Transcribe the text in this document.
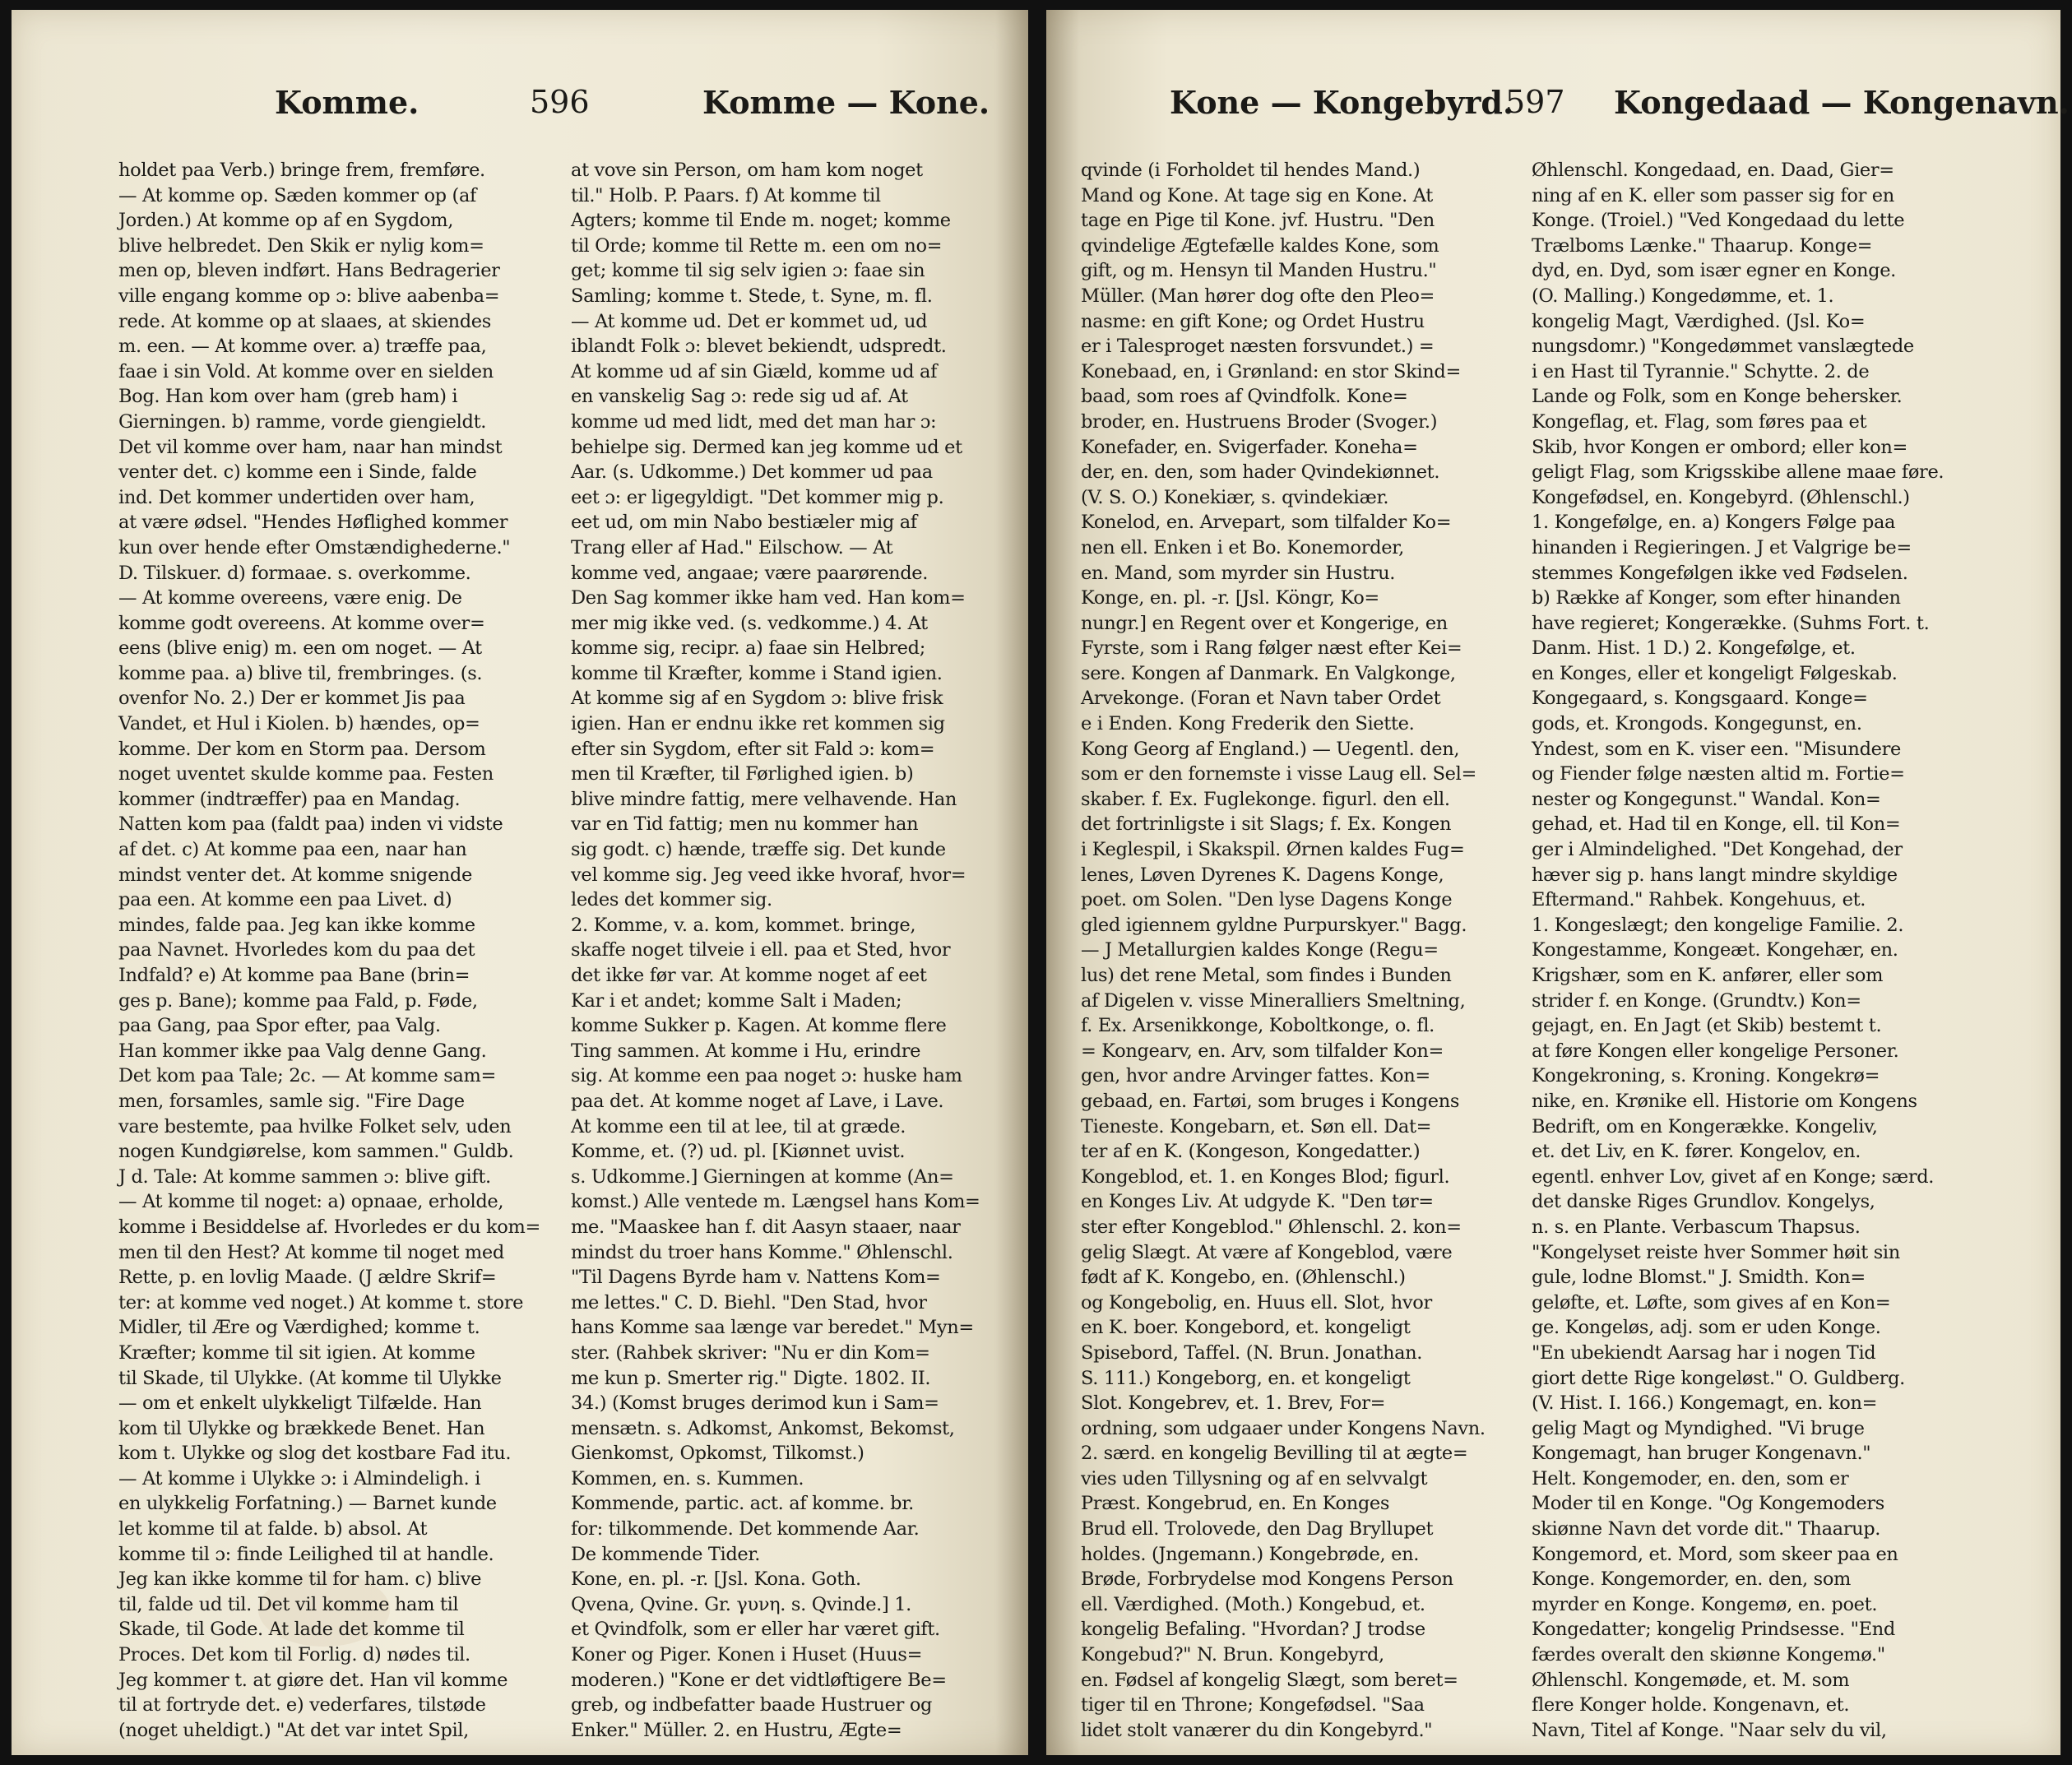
Komme.	596	Komme — Kone.
holdet paa Verb.) bringe frem, fremføre.
— At komme op. Sæden kommer op (af
Jorden.) At komme op af en Sygdom,
blive helbredet. Den Skik er nylig kom=
men op, bleven indført. Hans Bedragerier
ville engang komme op ɔ: blive aabenba=
rede. At komme op at slaaes, at skiendes
m. een. — At komme over. a) træffe paa,
faae i sin Vold. At komme over en sielden
Bog. Han kom over ham (greb ham) i
Gierningen. b) ramme, vorde giengieldt.
Det vil komme over ham, naar han mindst
venter det. c) komme een i Sinde, falde
ind. Det kommer undertiden over ham,
at være ødsel. "Hendes Høflighed kommer
kun over hende efter Omstændighederne."
D. Tilskuer. d) formaae. s. overkomme.
— At komme overeens, være enig. De
komme godt overeens. At komme over=
eens (blive enig) m. een om noget. — At
komme paa. a) blive til, frembringes. (s.
ovenfor No. 2.) Der er kommet Jis paa
Vandet, et Hul i Kiolen. b) hændes, op=
komme. Der kom en Storm paa. Dersom
noget uventet skulde komme paa. Festen
kommer (indtræffer) paa en Mandag.
Natten kom paa (faldt paa) inden vi vidste
af det. c) At komme paa een, naar han
mindst venter det. At komme snigende
paa een. At komme een paa Livet. d)
mindes, falde paa. Jeg kan ikke komme
paa Navnet. Hvorledes kom du paa det
Indfald? e) At komme paa Bane (brin=
ges p. Bane); komme paa Fald, p. Føde,
paa Gang, paa Spor efter, paa Valg.
Han kommer ikke paa Valg denne Gang.
Det kom paa Tale; 2c. — At komme sam=
men, forsamles, samle sig. "Fire Dage
vare bestemte, paa hvilke Folket selv, uden
nogen Kundgiørelse, kom sammen." Guldb.
J d. Tale: At komme sammen ɔ: blive gift.
— At komme til noget: a) opnaae, erholde,
komme i Besiddelse af. Hvorledes er du kom=
men til den Hest? At komme til noget med
Rette, p. en lovlig Maade. (J ældre Skrif=
ter: at komme ved noget.) At komme t. store
Midler, til Ære og Værdighed; komme t.
Kræfter; komme til sit igien. At komme
til Skade, til Ulykke. (At komme til Ulykke
— om et enkelt ulykkeligt Tilfælde. Han
kom til Ulykke og brækkede Benet. Han
kom t. Ulykke og slog det kostbare Fad itu.
— At komme i Ulykke ɔ: i Almindeligh. i
en ulykkelig Forfatning.) — Barnet kunde
let komme til at falde. b) absol. At
komme til ɔ: finde Leilighed til at handle.
Jeg kan ikke komme til for ham. c) blive
til, falde ud til. Det vil komme ham til
Skade, til Gode. At lade det komme til
Proces. Det kom til Forlig. d) nødes til.
Jeg kommer t. at giøre det. Han vil komme
til at fortryde det. e) vederfares, tilstøde
(noget uheldigt.) "At det var intet Spil,
at vove sin Person, om ham kom noget
til." Holb. P. Paars. f) At komme til
Agters; komme til Ende m. noget; komme
til Orde; komme til Rette m. een om no=
get; komme til sig selv igien ɔ: faae sin
Samling; komme t. Stede, t. Syne, m. fl.
— At komme ud. Det er kommet ud, ud
iblandt Folk ɔ: blevet bekiendt, udspredt.
At komme ud af sin Giæld, komme ud af
en vanskelig Sag ɔ: rede sig ud af. At
komme ud med lidt, med det man har ɔ:
behielpe sig. Dermed kan jeg komme ud et
Aar. (s. Udkomme.) Det kommer ud paa
eet ɔ: er ligegyldigt. "Det kommer mig p.
eet ud, om min Nabo bestiæler mig af
Trang eller af Had." Eilschow. — At
komme ved, angaae; være paarørende.
Den Sag kommer ikke ham ved. Han kom=
mer mig ikke ved. (s. vedkomme.) 4. At
komme sig, recipr. a) faae sin Helbred;
komme til Kræfter, komme i Stand igien.
At komme sig af en Sygdom ɔ: blive frisk
igien. Han er endnu ikke ret kommen sig
efter sin Sygdom, efter sit Fald ɔ: kom=
men til Kræfter, til Førlighed igien. b)
blive mindre fattig, mere velhavende. Han
var en Tid fattig; men nu kommer han
sig godt. c) hænde, træffe sig. Det kunde
vel komme sig. Jeg veed ikke hvoraf, hvor=
ledes det kommer sig.
2. Komme, v. a. kom, kommet. bringe,
skaffe noget tilveie i ell. paa et Sted, hvor
det ikke før var. At komme noget af eet
Kar i et andet; komme Salt i Maden;
komme Sukker p. Kagen. At komme flere
Ting sammen. At komme i Hu, erindre
sig. At komme een paa noget ɔ: huske ham
paa det. At komme noget af Lave, i Lave.
At komme een til at lee, til at græde.
Komme, et. (?) ud. pl. [Kiønnet uvist.
s. Udkomme.] Gierningen at komme (An=
komst.) Alle ventede m. Længsel hans Kom=
me. "Maaskee han f. dit Aasyn staaer, naar
mindst du troer hans Komme." Øhlenschl.
"Til Dagens Byrde ham v. Nattens Kom=
me lettes." C. D. Biehl. "Den Stad, hvor
hans Komme saa længe var beredet." Myn=
ster. (Rahbek skriver: "Nu er din Kom=
me kun p. Smerter rig." Digte. 1802. II.
34.) (Komst bruges derimod kun i Sam=
mensætn. s. Adkomst, Ankomst, Bekomst,
Gienkomst, Opkomst, Tilkomst.)
Kommen, en. s. Kummen.
Kommende, partic. act. af komme. br.
for: tilkommende. Det kommende Aar.
De kommende Tider.
Kone, en. pl. -r. [Jsl. Kona. Goth.
Qvena, Qvine. Gr. γυνη. s. Qvinde.] 1.
et Qvindfolk, som er eller har været gift.
Koner og Piger. Konen i Huset (Huus=
moderen.) "Kone er det vidtløftigere Be=
greb, og indbefatter baade Hustruer og
Enker." Müller. 2. en Hustru, Ægte=
Kone — Kongebyrd.
597 Kongedaad — Kongenavn.
qvinde (i Forholdet til hendes Mand.)
Mand og Kone. At tage sig en Kone. At
tage en Pige til Kone. jvf. Hustru. "Den
qvindelige Ægtefælle kaldes Kone, som
gift, og m. Hensyn til Manden Hustru."
Müller. (Man hører dog ofte den Pleo=
nasme: en gift Kone; og Ordet Hustru
er i Talesproget næsten forsvundet.) =
Konebaad, en, i Grønland: en stor Skind=
baad, som roes af Qvindfolk. Kone=
broder, en. Hustruens Broder (Svoger.)
Konefader, en. Svigerfader. Koneha=
der, en. den, som hader Qvindekiønnet.
(V. S. O.) Konekiær, s. qvindekiær.
Konelod, en. Arvepart, som tilfalder Ko=
nen ell. Enken i et Bo. Konemorder,
en. Mand, som myrder sin Hustru.
Konge, en. pl. -r. [Jsl. Köngr, Ko=
nungr.] en Regent over et Kongerige, en
Fyrste, som i Rang følger næst efter Kei=
sere. Kongen af Danmark. En Valgkonge,
Arvekonge. (Foran et Navn taber Ordet
e i Enden. Kong Frederik den Siette.
Kong Georg af England.) — Uegentl. den,
som er den fornemste i visse Laug ell. Sel=
skaber. f. Ex. Fuglekonge. figurl. den ell.
det fortrinligste i sit Slags; f. Ex. Kongen
i Keglespil, i Skakspil. Ørnen kaldes Fug=
lenes, Løven Dyrenes K. Dagens Konge,
poet. om Solen. "Den lyse Dagens Konge
gled igiennem gyldne Purpurskyer." Bagg.
— J Metallurgien kaldes Konge (Regu=
lus) det rene Metal, som findes i Bunden
af Digelen v. visse Mineralliers Smeltning,
f. Ex. Arsenikkonge, Koboltkonge, o. fl.
= Kongearv, en. Arv, som tilfalder Kon=
gen, hvor andre Arvinger fattes. Kon=
gebaad, en. Fartøi, som bruges i Kongens
Tieneste. Kongebarn, et. Søn ell. Dat=
ter af en K. (Kongeson, Kongedatter.)
Kongeblod, et. 1. en Konges Blod; figurl.
en Konges Liv. At udgyde K. "Den tør=
ster efter Kongeblod." Øhlenschl. 2. kon=
gelig Slægt. At være af Kongeblod, være
født af K. Kongebo, en. (Øhlenschl.)
og Kongebolig, en. Huus ell. Slot, hvor
en K. boer. Kongebord, et. kongeligt
Spisebord, Taffel. (N. Brun. Jonathan.
S. 111.) Kongeborg, en. et kongeligt
Slot. Kongebrev, et. 1. Brev, For=
ordning, som udgaaer under Kongens Navn.
2. særd. en kongelig Bevilling til at ægte=
vies uden Tillysning og af en selvvalgt
Præst. Kongebrud, en. En Konges
Brud ell. Trolovede, den Dag Bryllupet
holdes. (Jngemann.) Kongebrøde, en.
Brøde, Forbrydelse mod Kongens Person
ell. Værdighed. (Moth.) Kongebud, et.
kongelig Befaling. "Hvordan? J trodse
Kongebud?" N. Brun. Kongebyrd,
en. Fødsel af kongelig Slægt, som beret=
tiger til en Throne; Kongefødsel. "Saa
lidet stolt vanærer du din Kongebyrd."
Øhlenschl. Kongedaad, en. Daad, Gier=
ning af en K. eller som passer sig for en
Konge. (Troiel.) "Ved Kongedaad du lette
Trælboms Lænke." Thaarup. Konge=
dyd, en. Dyd, som især egner en Konge.
(O. Malling.) Kongedømme, et. 1.
kongelig Magt, Værdighed. (Jsl. Ko=
nungsdomr.) "Kongedømmet vanslægtede
i en Hast til Tyrannie." Schytte. 2. de
Lande og Folk, som en Konge behersker.
Kongeflag, et. Flag, som føres paa et
Skib, hvor Kongen er ombord; eller kon=
geligt Flag, som Krigsskibe allene maae føre.
Kongefødsel, en. Kongebyrd. (Øhlenschl.)
1. Kongefølge, en. a) Kongers Følge paa
hinanden i Regieringen. J et Valgrige be=
stemmes Kongefølgen ikke ved Fødselen.
b) Række af Konger, som efter hinanden
have regieret; Kongerække. (Suhms Fort. t.
Danm. Hist. 1 D.) 2. Kongefølge, et.
en Konges, eller et kongeligt Følgeskab.
Kongegaard, s. Kongsgaard. Konge=
gods, et. Krongods. Kongegunst, en.
Yndest, som en K. viser een. "Misundere
og Fiender følge næsten altid m. Fortie=
nester og Kongegunst." Wandal. Kon=
gehad, et. Had til en Konge, ell. til Kon=
ger i Almindelighed. "Det Kongehad, der
hæver sig p. hans langt mindre skyldige
Eftermand." Rahbek. Kongehuus, et.
1. Kongeslægt; den kongelige Familie. 2.
Kongestamme, Kongeæt. Kongehær, en.
Krigshær, som en K. anfører, eller som
strider f. en Konge. (Grundtv.) Kon=
gejagt, en. En Jagt (et Skib) bestemt t.
at føre Kongen eller kongelige Personer.
Kongekroning, s. Kroning. Kongekrø=
nike, en. Krønike ell. Historie om Kongens
Bedrift, om en Kongerække. Kongeliv,
et. det Liv, en K. fører. Kongelov, en.
egentl. enhver Lov, givet af en Konge; særd.
det danske Riges Grundlov. Kongelys,
n. s. en Plante. Verbascum Thapsus.
"Kongelyset reiste hver Sommer høit sin
gule, lodne Blomst." J. Smidth. Kon=
geløfte, et. Løfte, som gives af en Kon=
ge. Kongeløs, adj. som er uden Konge.
"En ubekiendt Aarsag har i nogen Tid
giort dette Rige kongeløst." O. Guldberg.
(V. Hist. I. 166.) Kongemagt, en. kon=
gelig Magt og Myndighed. "Vi bruge
Kongemagt, han bruger Kongenavn."
Helt. Kongemoder, en. den, som er
Moder til en Konge. "Og Kongemoders
skiønne Navn det vorde dit." Thaarup.
Kongemord, et. Mord, som skeer paa en
Konge. Kongemorder, en. den, som
myrder en Konge. Kongemø, en. poet.
Kongedatter; kongelig Prindsesse. "End
færdes overalt den skiønne Kongemø."
Øhlenschl. Kongemøde, et. M. som
flere Konger holde. Kongenavn, et.
Navn, Titel af Konge. "Naar selv du vil,
